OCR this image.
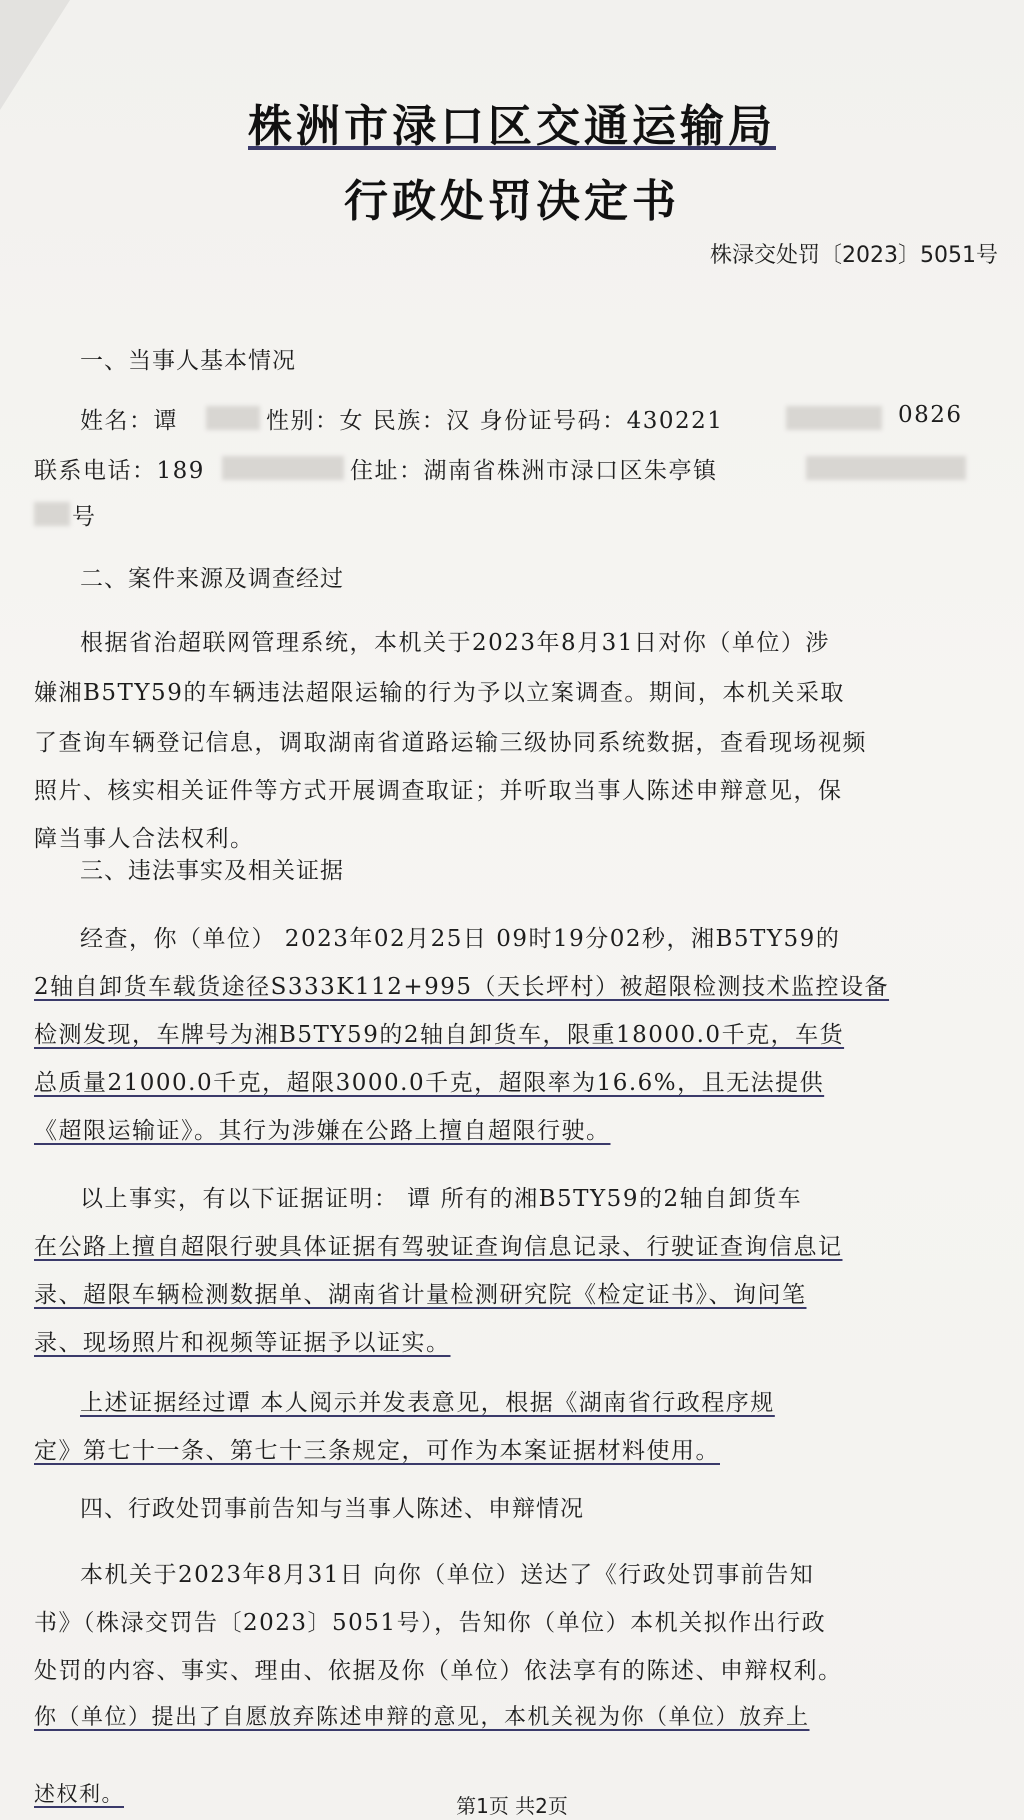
株洲市渌口区交通运输局
行政处罚决定书
株渌交处罚〔2023〕5051号
一、当事人基本情况
姓名：谭	性别：女 民族：汉 身份证号码：430221	0826
联系电话：189	住址：湖南省株洲市渌口区朱亭镇
号
二、案件来源及调查经过
根据省治超联网管理系统，本机关于2023年8月31日对你（单位）涉
嫌湘B5TY59的车辆违法超限运输的行为予以立案调查。期间，本机关采取
了查询车辆登记信息，调取湖南省道路运输三级协同系统数据，查看现场视频
照片、核实相关证件等方式开展调查取证；并听取当事人陈述申辩意见，保
障当事人合法权利。
三、违法事实及相关证据
经查，你（单位） 2023年02月25日 09时19分02秒，湘B5TY59的
2轴自卸货车载货途径S333K112+995（天长坪村）被超限检测技术监控设备
检测发现，车牌号为湘B5TY59的2轴自卸货车，限重18000.0千克，车货
总质量21000.0千克，超限3000.0千克，超限率为16.6%，且无法提供
《超限运输证》。其行为涉嫌在公路上擅自超限行驶。
以上事实，有以下证据证明： 谭 所有的湘B5TY59的2轴自卸货车
在公路上擅自超限行驶具体证据有驾驶证查询信息记录、行驶证查询信息记
录、超限车辆检测数据单、湖南省计量检测研究院《检定证书》、询问笔
录、现场照片和视频等证据予以证实。
上述证据经过谭 本人阅示并发表意见，根据《湖南省行政程序规
定》第七十一条、第七十三条规定，可作为本案证据材料使用。
四、行政处罚事前告知与当事人陈述、申辩情况
本机关于2023年8月31日 向你（单位）送达了《行政处罚事前告知
书》（株渌交罚告〔2023〕5051号），告知你（单位）本机关拟作出行政
处罚的内容、事实、理由、依据及你（单位）依法享有的陈述、申辩权利。
你（单位）提出了自愿放弃陈述申辩的意见，本机关视为你（单位）放弃上
述权利。	第1页 共2页
